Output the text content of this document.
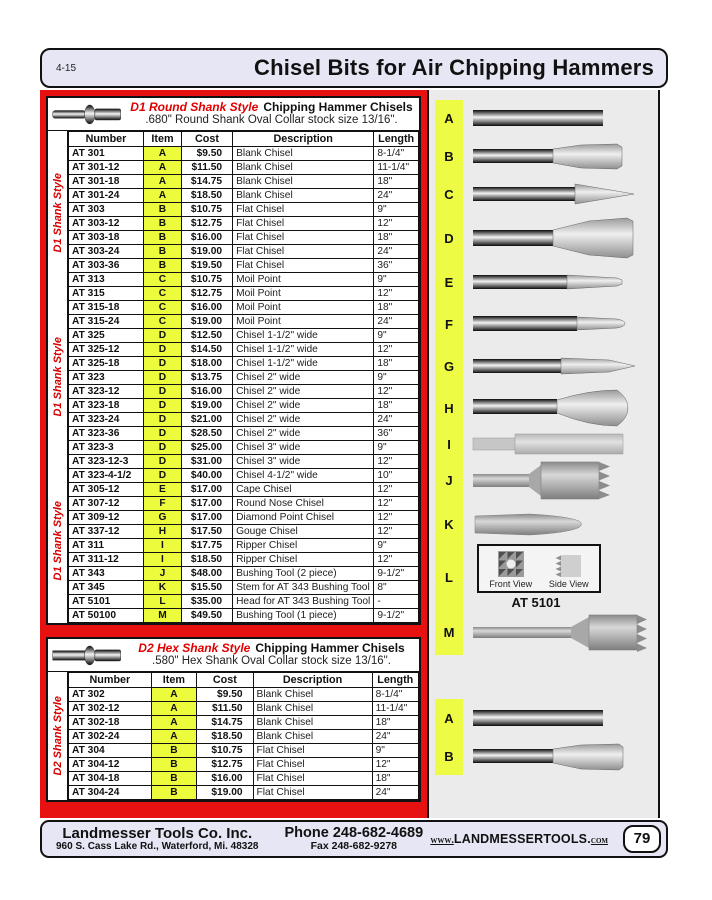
4-15	Chisel Bits for Air Chipping Hammers
D1 Round Shank Style Chipping Hammer Chisels
.680" Round Shank Oval Collar stock size 13/16".
D1 Shank Style
D1 Shank Style
D1 Shank Style
Number	Item	Cost	Description	Length
AT 301	A	$9.50	Blank Chisel	8-1/4"
AT 301-12	A	$11.50	Blank Chisel	11-1/4"
AT 301-18	A	$14.75	Blank Chisel	18"
AT 301-24	A	$18.50	Blank Chisel	24"
AT 303	B	$10.75	Flat Chisel	9"
AT 303-12	B	$12.75	Flat Chisel	12"
AT 303-18	B	$16.00	Flat Chisel	18"
AT 303-24	B	$19.00	Flat Chisel	24"
AT 303-36	B	$19.50	Flat Chisel	36"
AT 313	C	$10.75	Moil Point	9"
AT 315	C	$12.75	Moil Point	12"
AT 315-18	C	$16.00	Moil Point	18"
AT 315-24	C	$19.00	Moil Point	24"
AT 325	D	$12.50	Chisel 1-1/2" wide	9"
AT 325-12	D	$14.50	Chisel 1-1/2" wide	12"
AT 325-18	D	$18.00	Chisel 1-1/2" wide	18"
AT 323	D	$13.75	Chisel 2" wide	9"
AT 323-12	D	$16.00	Chisel 2" wide	12"
AT 323-18	D	$19.00	Chisel 2" wide	18"
AT 323-24	D	$21.00	Chisel 2" wide	24"
AT 323-36	D	$28.50	Chisel 2" wide	36"
AT 323-3	D	$25.00	Chisel 3" wide	9"
AT 323-12-3	D	$31.00	Chisel 3" wide	12"
AT 323-4-1/2	D	$40.00	Chisel 4-1/2" wide	10"
AT 305-12	E	$17.00	Cape Chisel	12"
AT 307-12	F	$17.00	Round Nose Chisel	12"
AT 309-12	G	$17.00	Diamond Point Chisel	12"
AT 337-12	H	$17.50	Gouge Chisel	12"
AT 311	I	$17.75	Ripper Chisel	9"
AT 311-12	I	$18.50	Ripper Chisel	12"
AT 343	J	$48.00	Bushing Tool (2 piece)	9-1/2"
AT 345	K	$15.50	Stem for AT 343 Bushing Tool	8"
AT 5101	L	$35.00	Head for AT 343 Bushing Tool	-
AT 50100	M	$49.50	Bushing Tool (1 piece)	9-1/2"
D2 Hex Shank Style Chipping Hammer Chisels
.580" Hex Shank Oval Collar stock size 13/16".
D2 Shank Style
Number	Item	Cost	Description	Length
AT 302	A	$9.50	Blank Chisel	8-1/4"
AT 302-12	A	$11.50	Blank Chisel	11-1/4"
AT 302-18	A	$14.75	Blank Chisel	18"
AT 302-24	A	$18.50	Blank Chisel	24"
AT 304	B	$10.75	Flat Chisel	9"
AT 304-12	B	$12.75	Flat Chisel	12"
AT 304-18	B	$16.00	Flat Chisel	18"
AT 304-24	B	$19.00	Flat Chisel	24"
A
B
C
D
E
F
G
H
I
J
K
L	Front View Side View
AT 5101
M
A
B
Landmesser Tools Co. Inc.
960 S. Cass Lake Rd., Waterford, Mi. 48328
Phone 248-682-4689
Fax 248-682-9278	www.LANDMESSERTOOLS.com	79
